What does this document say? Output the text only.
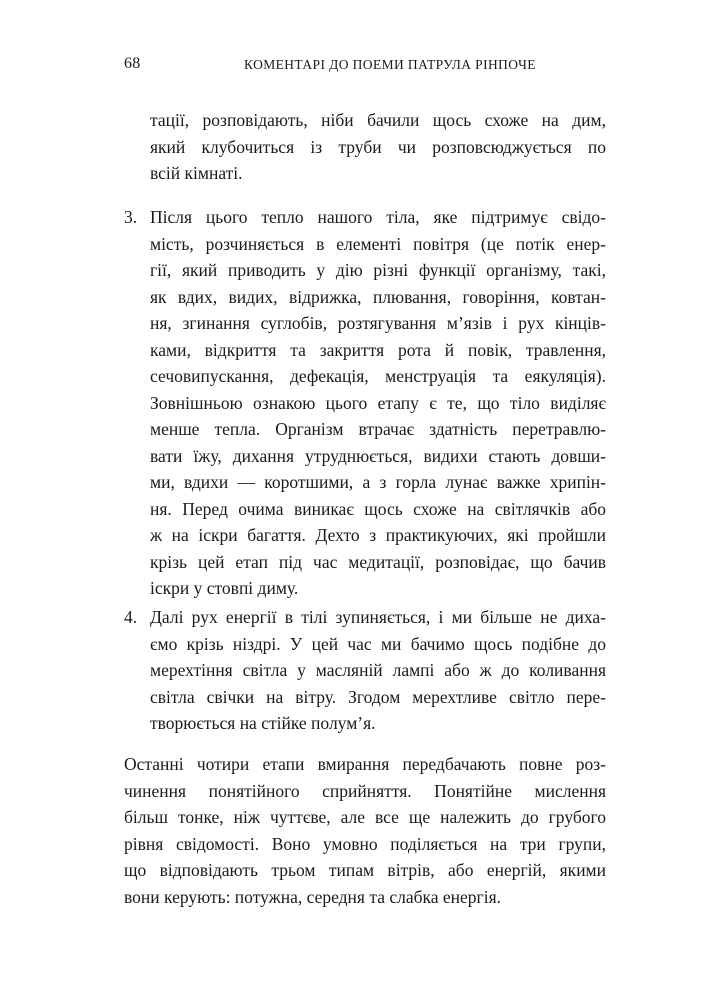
68	КОМЕНТАРІ ДО ПОЕМИ ПАТРУЛА РІНПОЧЕ
тації, розповідають, ніби бачили щось схоже на дим,
який клубочиться із труби чи розповсюджується по
всій кімнаті.
3. Після цього тепло нашого тіла, яке підтримує свідо-
мість, розчиняється в елементі повітря (це потік енер-
гії, який приводить у дію різні функції організму, такі,
як вдих, видих, відрижка, плювання, говоріння, ковтан-
ня, згинання суглобів, розтягування м’язів і рух кінців-
ками, відкриття та закриття рота й повік, травлення,
сечовипускання, дефекація, менструація та еякуляція).
Зовнішньою ознакою цього етапу є те, що тіло виділяє
менше тепла. Організм втрачає здатність перетравлю-
вати їжу, дихання утруднюється, видихи стають довши-
ми, вдихи — коротшими, а з горла лунає важке хрипін-
ня. Перед очима виникає щось схоже на світлячків або
ж на іскри багаття. Дехто з практикуючих, які пройшли
крізь цей етап під час медитації, розповідає, що бачив
іскри у стовпі диму.
4. Далі рух енергії в тілі зупиняється, і ми більше не диха-
ємо крізь ніздрі. У цей час ми бачимо щось подібне до
мерехтіння світла у масляній лампі або ж до коливання
світла свічки на вітру. Згодом мерехтливе світло пере-
творюється на стійке полум’я.
Останні чотири етапи вмирання передбачають повне роз-
чинення понятійного сприйняття. Понятійне мислення
більш тонке, ніж чуттєве, але все ще належить до грубого
рівня свідомості. Воно умовно поділяється на три групи,
що відповідають трьом типам вітрів, або енергій, якими
вони керують: потужна, середня та слабка енергія.
